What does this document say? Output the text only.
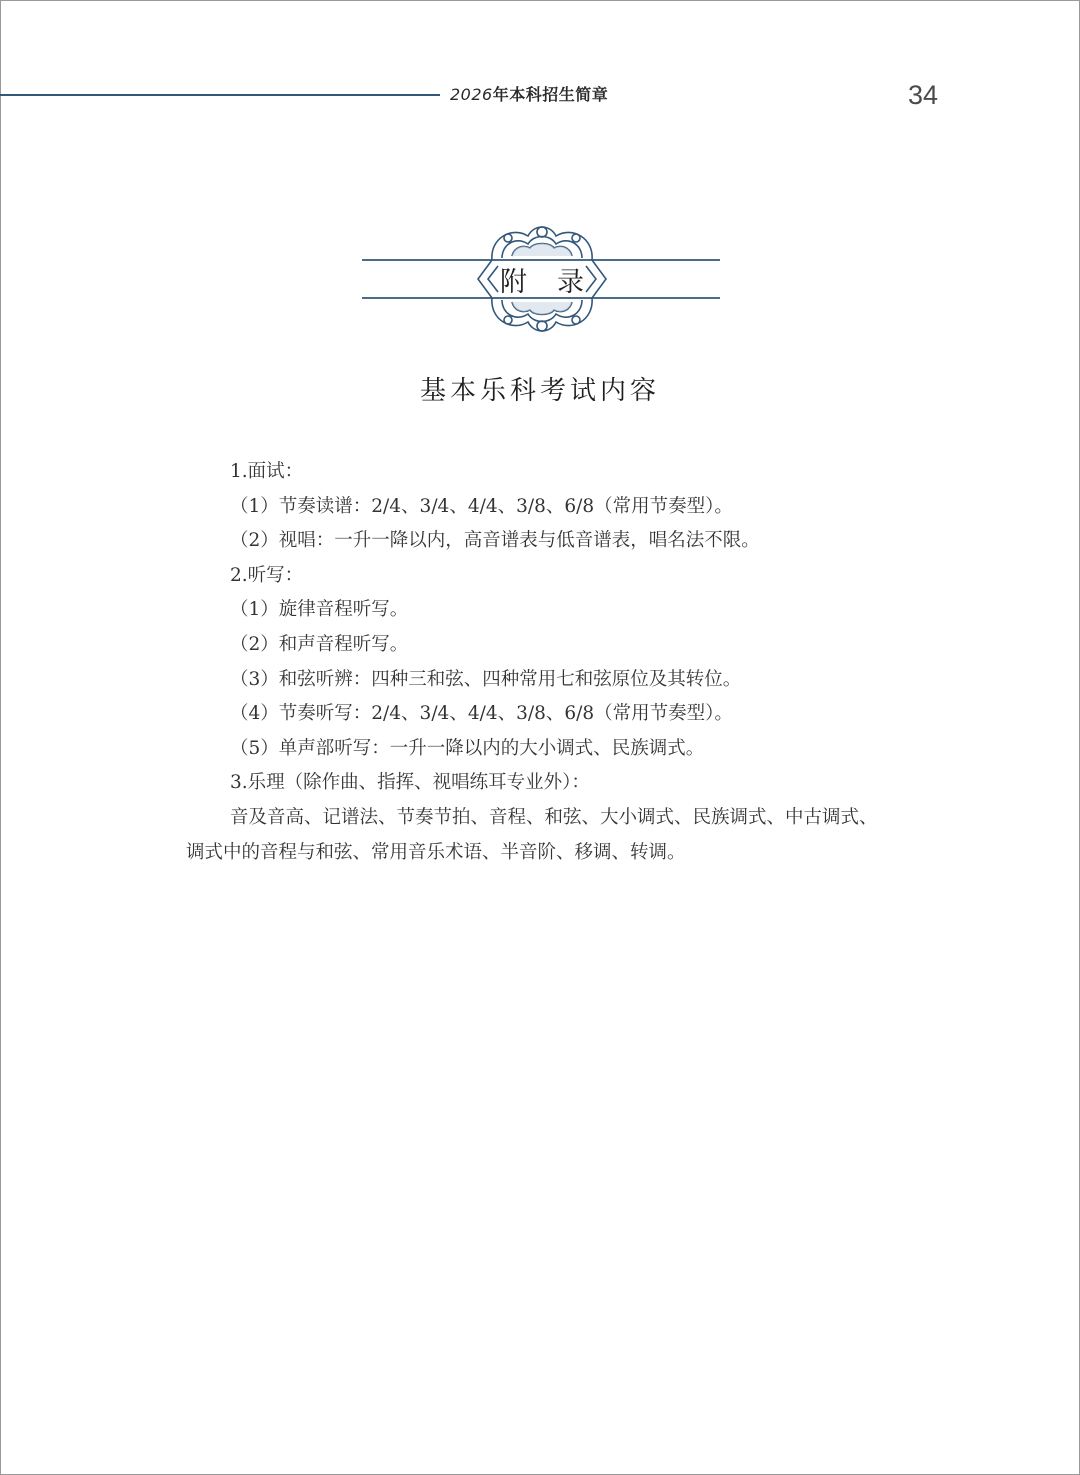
2026年本科招生简章	34
附录
基本乐科考试内容

1.面试：

（1）节奏读谱：2/4、3/4、4/4、3/8、6/8（常用节奏型）。

（2）视唱：一升一降以内，高音谱表与低音谱表，唱名法不限。

2.听写：

（1）旋律音程听写。

（2）和声音程听写。

（3）和弦听辨：四种三和弦、四种常用七和弦原位及其转位。

（4）节奏听写：2/4、3/4、4/4、3/8、6/8（常用节奏型）。

（5）单声部听写：一升一降以内的大小调式、民族调式。

3.乐理（除作曲、指挥、视唱练耳专业外）：

音及音高、记谱法、节奏节拍、音程、和弦、大小调式、民族调式、中古调式、调式中的音程与和弦、常用音乐术语、半音阶、移调、转调。
